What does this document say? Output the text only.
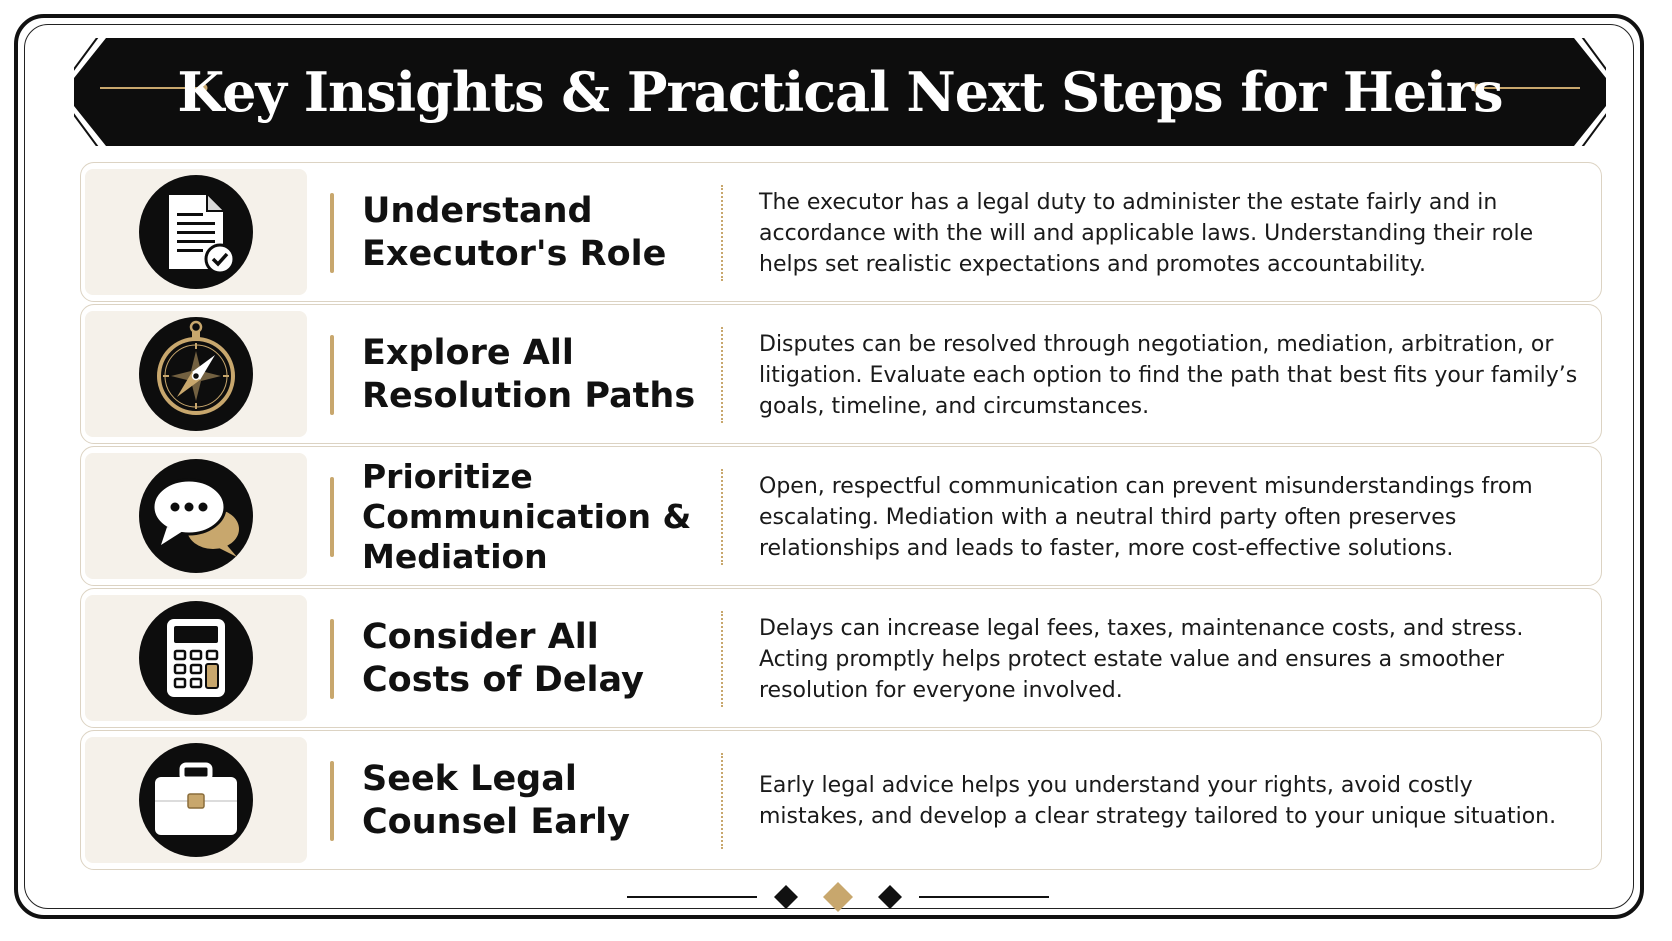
Key Insights & Practical Next Steps for Heirs
Understand
Executor's Role
The executor has a legal duty to administer the estate fairly and in accordance with the will and applicable laws. Understanding their role helps set realistic expectations and promotes accountability.
Explore All
Resolution Paths
Disputes can be resolved through negotiation, mediation, arbitration, or litigation. Evaluate each option to find the path that best fits your family’s goals, timeline, and circumstances.
Prioritize
Communication &
Mediation
Open, respectful communication can prevent misunderstandings from escalating. Mediation with a neutral third party often preserves relationships and leads to faster, more cost-effective solutions.
Consider All
Costs of Delay
Delays can increase legal fees, taxes, maintenance costs, and stress. Acting promptly helps protect estate value and ensures a smoother resolution for everyone involved.
Seek Legal
Counsel Early
Early legal advice helps you understand your rights, avoid costly mistakes, and develop a clear strategy tailored to your unique situation.
